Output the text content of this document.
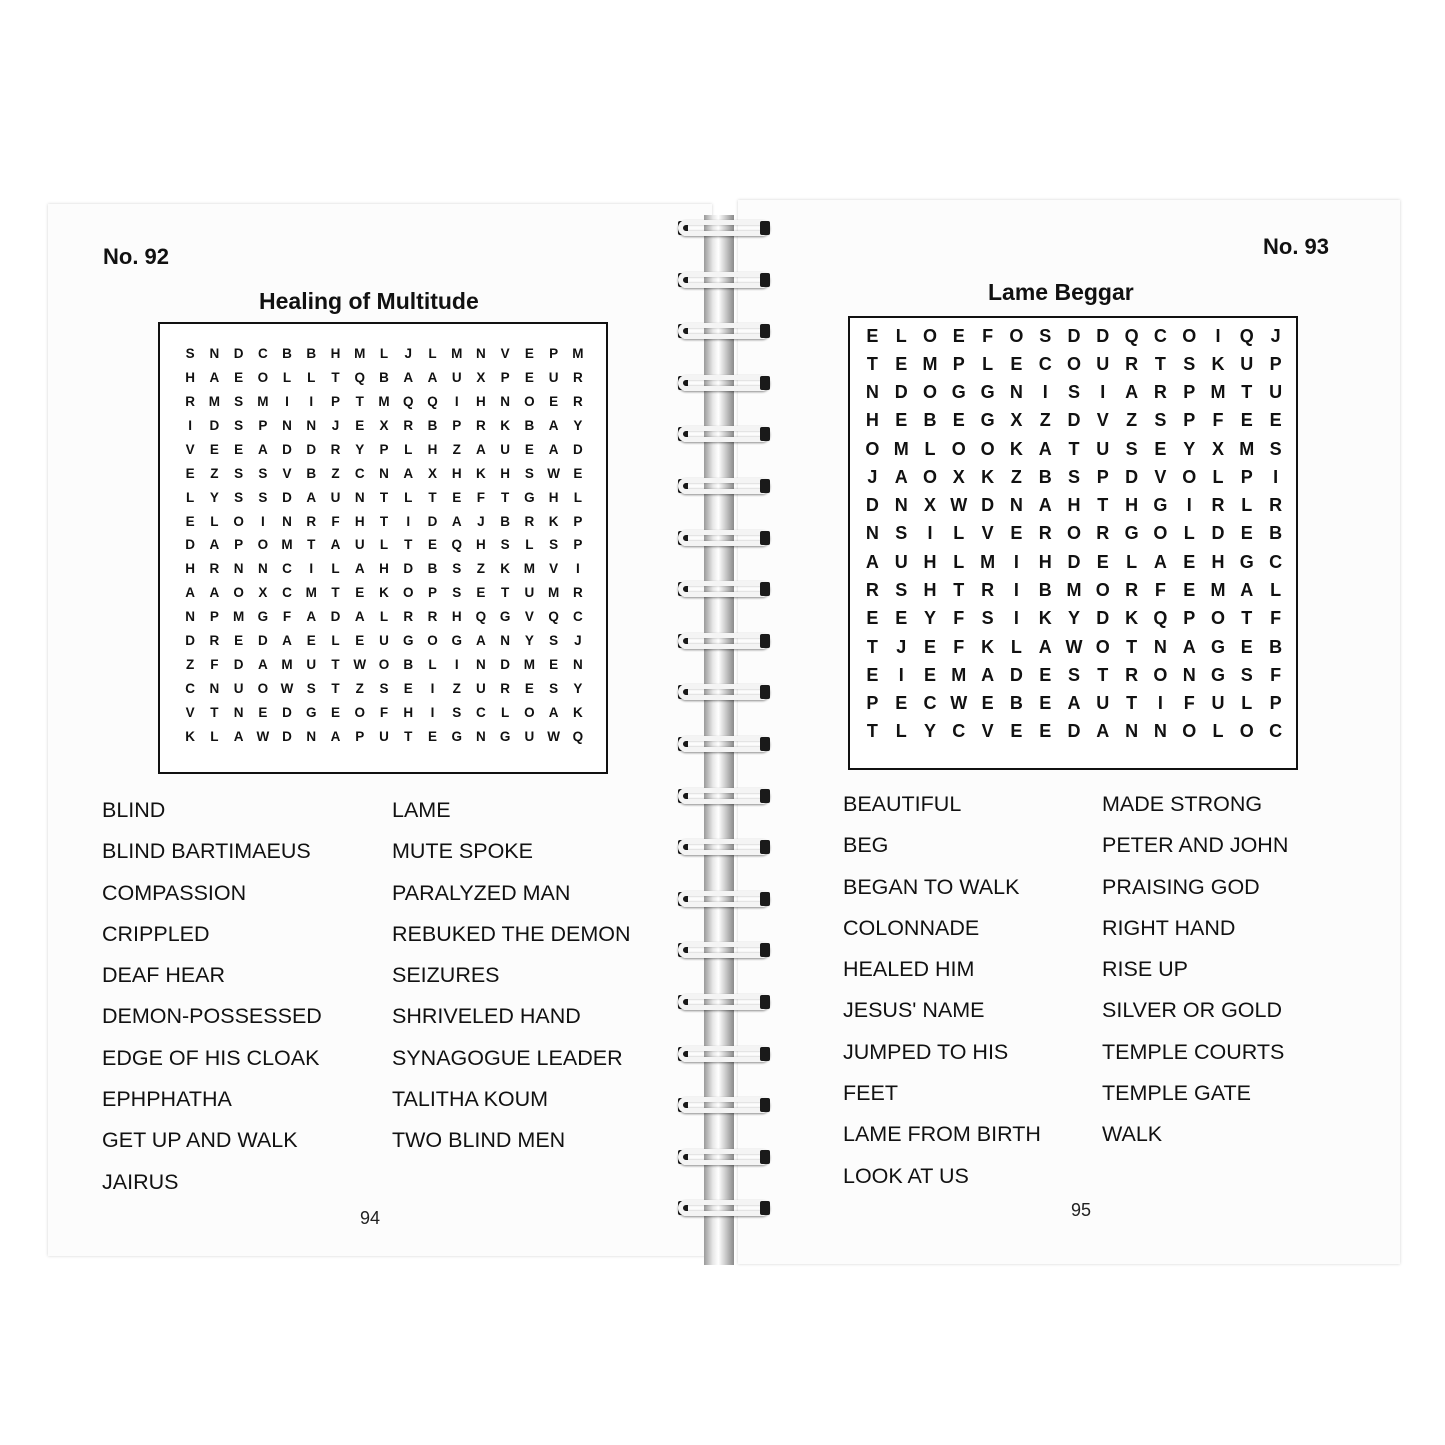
No. 92
Healing of Multitude
S	N	D	C	B	B	H	M	L	J	L	M	N	V	E	P	M
H	A	E	O	L	L	T	Q	B	A	A	U	X	P	E	U	R
R	M	S	M	I	I	P	T	M Q	Q	I	H	N	O	E	R
I	D	S	P	N	N	J	E	X	R	B	P	R	K	B	A	Y
V	E	E	A	D	D	R	Y	P	L	H	Z	A	U	E	A	D
E	Z	S	S	V	B	Z	C	N	A	X	H	K	H	S W E
L	Y	S	S	D	A	U	N	T	L	T	E	F	T	G	H	L
E	L	O	I	N	R	F	H	T	I	D	A	J	B	R	K	P
D	A	P	O M	T	A	U	L	T	E	Q	H	S	L	S	P
H	R	N	N	C	I	L	A	H	D	B	S	Z	K	M	V	I
A	A	O	X	C	M	T	E	K	O	P	S	E	T	U	M	R
N	P	M G	F	A	D	A	L	R	R	H	Q	G	V	Q	C
D	R	E	D	A	E	L	E	U	G	O	G	A	N	Y	S	J
Z	F	D	A	M	U	T	W O	B	L	I	N	D	M	E	N
C	N	U	O W S	T	Z	S	E	I	Z	U	R	E	S	Y
V	T	N	E	D	G	E	O	F	H	I	S	C	L	O	A	K
K	L	A W D	N	A	P	U	T	E	G	N	G	U W Q
BLIND
BLIND BARTIMAEUS
COMPASSION
CRIPPLED
DEAF HEAR
DEMON-POSSESSED
EDGE OF HIS CLOAK
EPHPHATHA
GET UP AND WALK
JAIRUS
LAME
MUTE SPOKE
PARALYZED MAN
REBUKED THE DEMON
SEIZURES
SHRIVELED HAND
SYNAGOGUE LEADER
TALITHA KOUM
TWO BLIND MEN
94
No. 93
Lame Beggar
E L O E F O S D D Q C O	I	Q J
T E M P L E C O U R T S K U P
N D O G G N	I	S	I	A R P M T U
H E B E G X Z D V Z S P F E E
O M L O O K A T U S E Y X M S
J A O X K Z B S P D V O L P	I
D N X W D N A H T H G	I	R L R
N S	I	L V E R O R G O L D E B
A U H L M	I	H D E L A E H G C
R S H T R	I	B M O R F E M A L
E E Y F S	I	K Y D K Q P O T F
T	J E F K L A W O T N A G E B
E	I	E M A D E S T R O N G S F
P E C W E B E A U T	I	F U L P
T L Y C V E E D A N N O L O C
BEAUTIFUL
BEG
BEGAN TO WALK
COLONNADE
HEALED HIM
JESUS' NAME
JUMPED TO HIS
FEET
LAME FROM BIRTH
LOOK AT US
MADE STRONG
PETER AND JOHN
PRAISING GOD
RIGHT HAND
RISE UP
SILVER OR GOLD
TEMPLE COURTS
TEMPLE GATE
WALK
95
